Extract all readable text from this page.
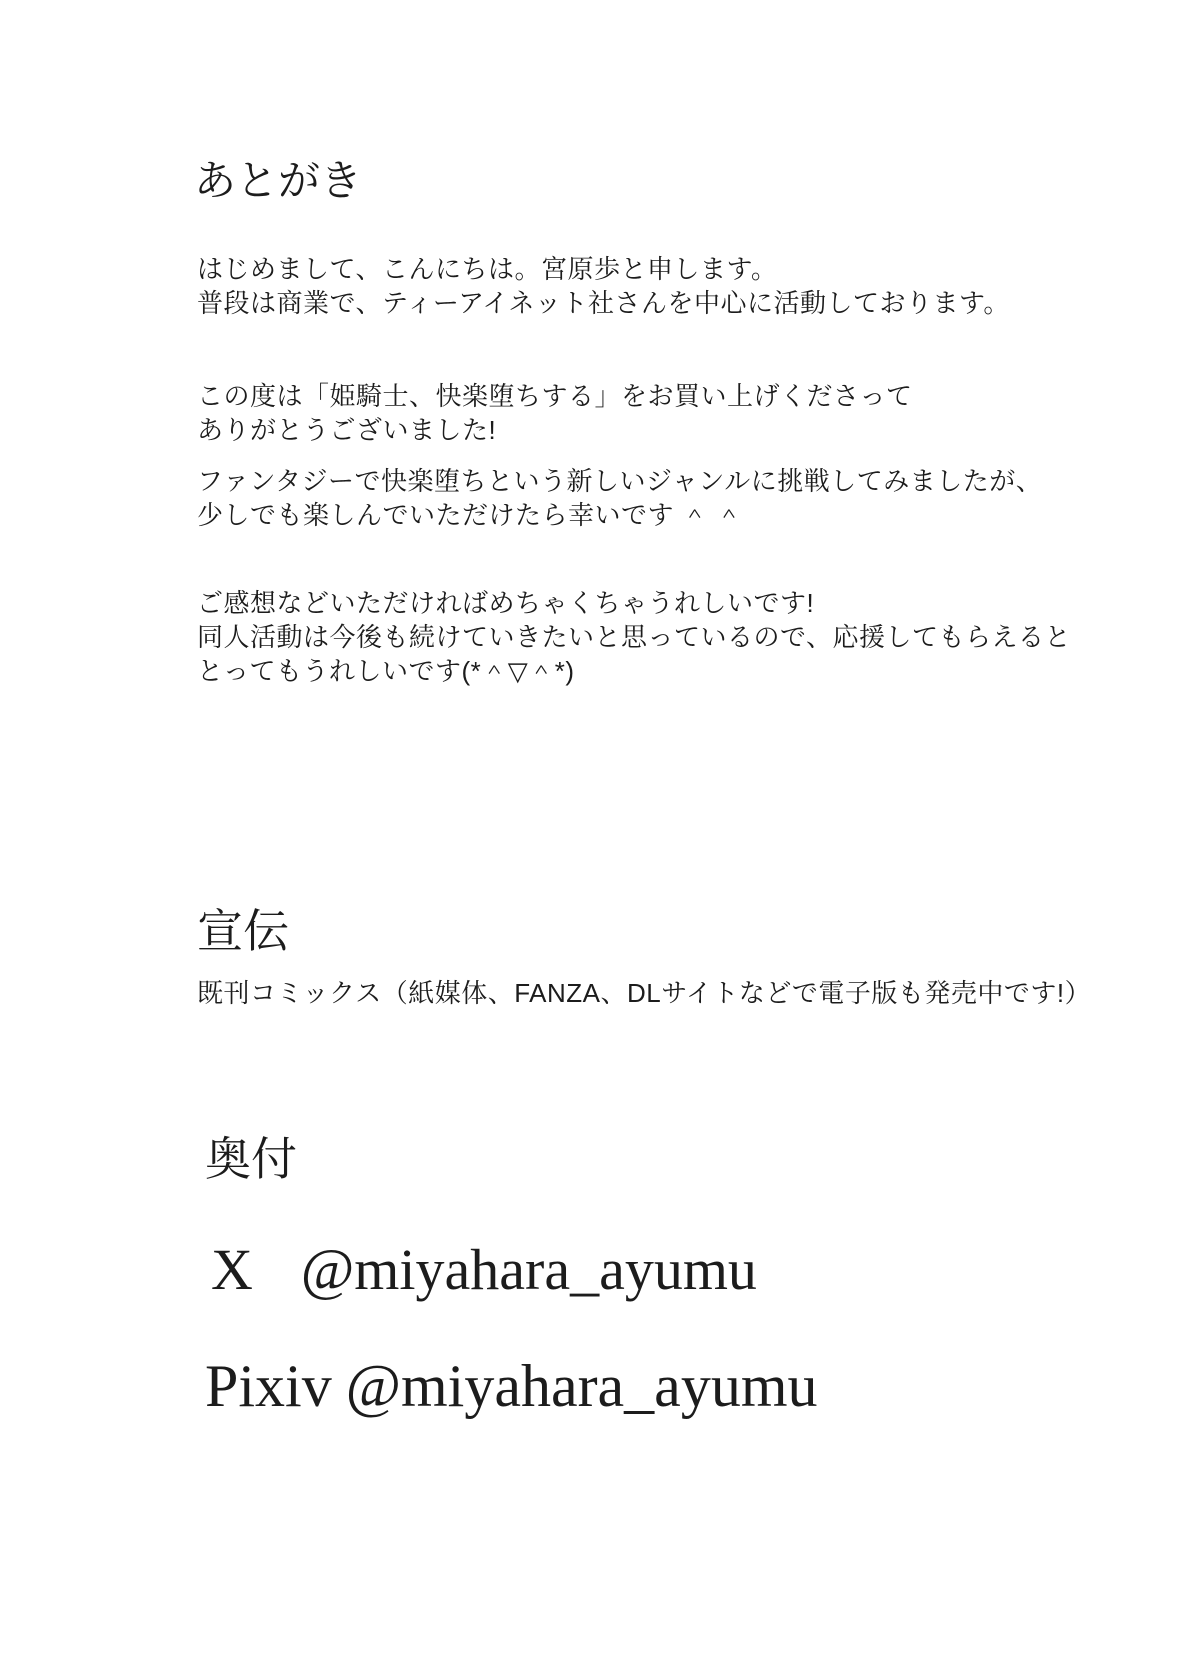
あとがき
はじめまして、こんにちは。宮原歩と申します。
普段は商業で、ティーアイネット社さんを中心に活動しております。
この度は「姫騎士、快楽堕ちする」をお買い上げくださって
ありがとうございました!
ファンタジーで快楽堕ちという新しいジャンルに挑戦してみましたが、
少しでも楽しんでいただけたら幸いです ＾ ＾
ご感想などいただければめちゃくちゃうれしいです!
同人活動は今後も続けていきたいと思っているので、応援してもらえると
とってもうれしいです(*＾▽＾*)
宣伝
既刊コミックス（紙媒体、FANZA、DLサイトなどで電子版も発売中です!）
奥付
X @miyahara_ayumu
Pixiv @miyahara_ayumu
